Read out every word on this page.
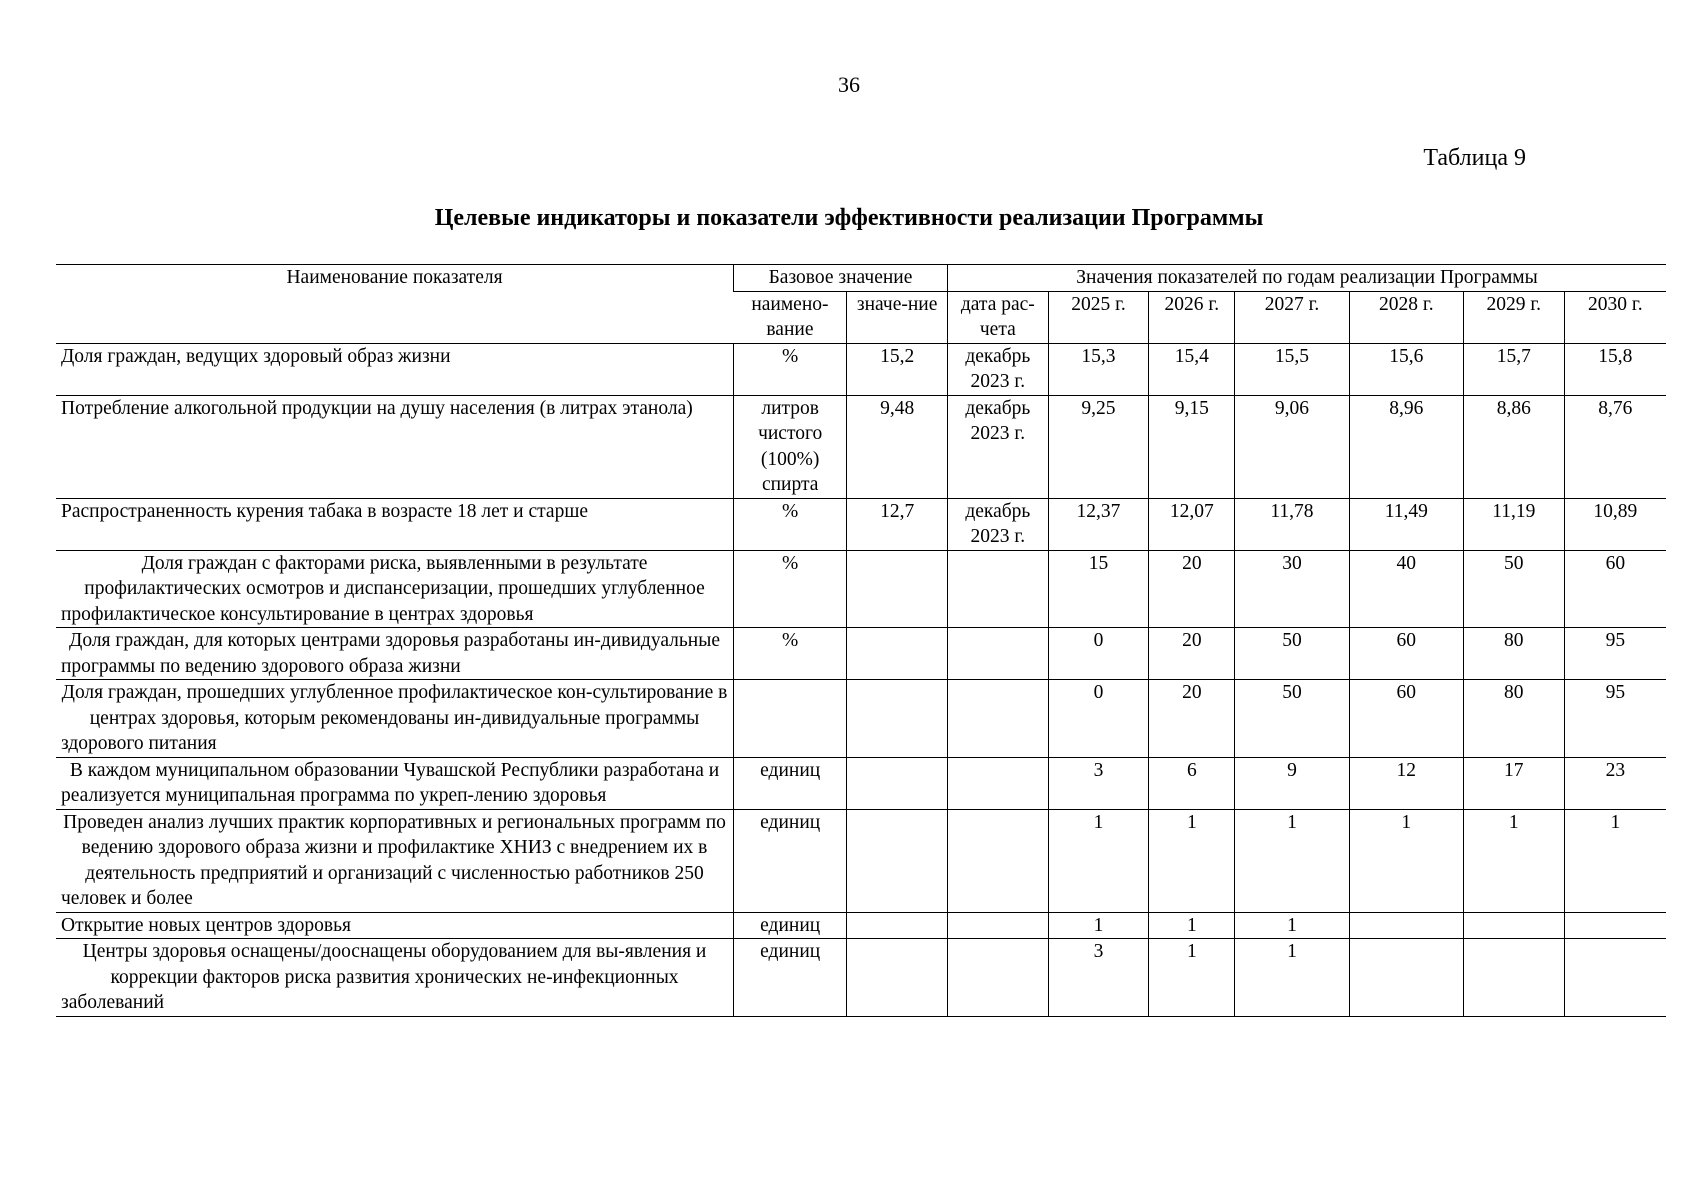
36
Таблица 9
Целевые индикаторы и показатели эффективности реализации Программы
Наименование показателя	Базовое значение		Значения показателей по годам реализации Программы						
	наимено-вание	значе-ние	дата рас-чета	2025 г.	2026 г.	2027 г.	2028 г.	2029 г.	2030 г.
Доля граждан, ведущих здоровый образ жизни	%	15,2	декабрь 2023 г.	15,3	15,4	15,5	15,6	15,7	15,8
Потребление алкогольной продукции на душу населения (в литрах этанола)	литров чистого (100%) спирта	9,48	декабрь 2023 г.	9,25	9,15	9,06	8,96	8,86	8,76
Распространенность курения табака в возрасте 18 лет и старше	%	12,7	декабрь 2023 г.	12,37	12,07	11,78	11,49	11,19	10,89
Доля граждан с факторами риска, выявленными в результате профилактических осмотров и диспансеризации, прошедших углубленное профилактическое консультирование в центрах здоровья	%			15	20	30	40	50	60
Доля граждан, для которых центрами здоровья разработаны ин-дивидуальные программы по ведению здорового образа жизни	%			0	20	50	60	80	95
Доля граждан, прошедших углубленное профилактическое кон-сультирование в центрах здоровья, которым рекомендованы ин-дивидуальные программы здорового питания				0	20	50	60	80	95
В каждом муниципальном образовании Чувашской Республики разработана и реализуется муниципальная программа по укреп-лению здоровья	единиц			3	6	9	12	17	23
Проведен анализ лучших практик корпоративных и региональных программ по ведению здорового образа жизни и профилактике ХНИЗ с внедрением их в деятельность предприятий и организаций с численностью работников 250 человек и более	единиц			1	1	1	1	1	1
Открытие новых центров здоровья	единиц			1	1	1			
Центры здоровья оснащены/дооснащены оборудованием для вы-явления и коррекции факторов риска развития хронических не-инфекционных заболеваний	единиц			3	1	1			
